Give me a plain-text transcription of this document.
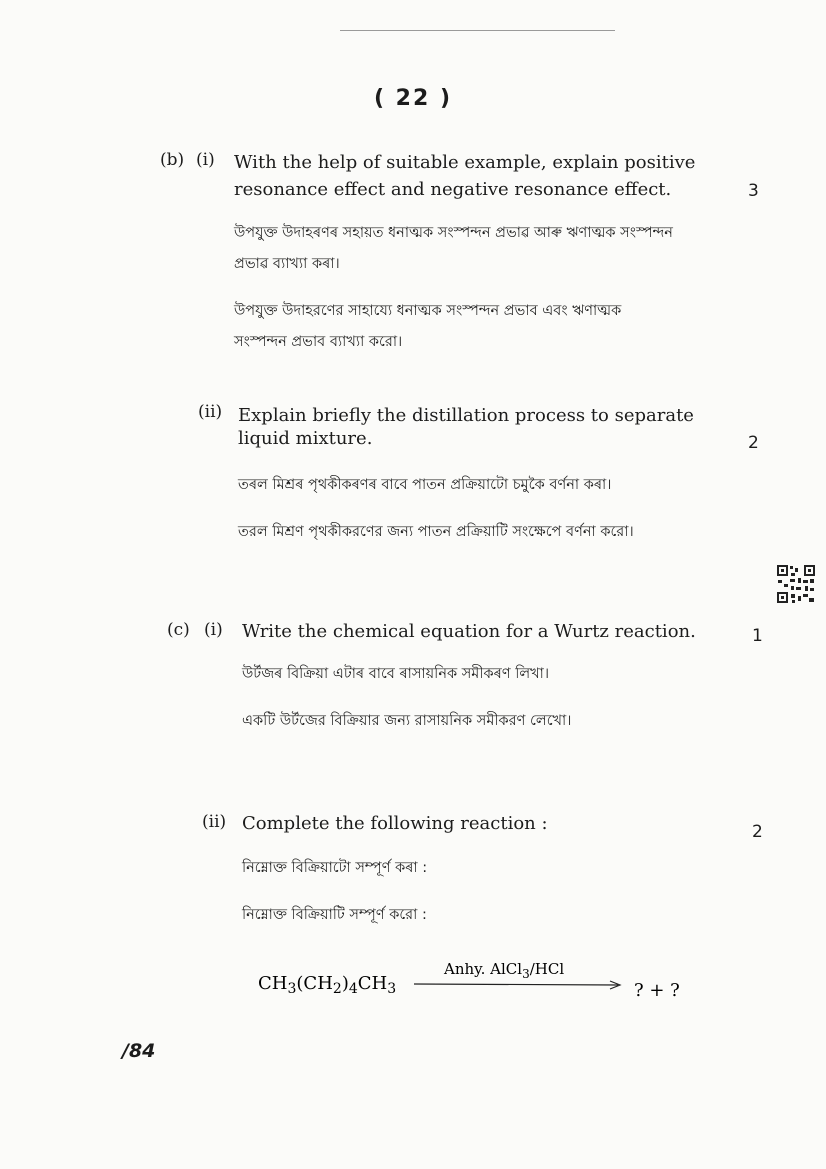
( 22 )
(b) (i) With the help of suitable example, explain positive
resonance effect and negative resonance effect.	3
উপযুক্ত উদাহৰণৰ সহায়ত ধনাত্মক সংস্পন্দন প্ৰভাৱ আৰু ঋণাত্মক সংস্পন্দন
প্ৰভাৱ ব্যাখ্যা কৰা।
উপযুক্ত উদাহরণের সাহায্যে ধনাত্মক সংস্পন্দন প্রভাব এবং ঋণাত্মক
সংস্পন্দন প্রভাব ব্যাখ্যা করো।
(ii) Explain briefly the distillation process to separate
liquid mixture.	2
তৰল মিশ্ৰৰ পৃথকীকৰণৰ বাবে পাতন প্ৰক্ৰিয়াটো চমুকৈ বৰ্ণনা কৰা।
তরল মিশ্রণ পৃথকীকরণের জন্য পাতন প্রক্রিয়াটি সংক্ষেপে বর্ণনা করো।
(c) (i) Write the chemical equation for a Wurtz reaction.	1
উর্টজৰ বিক্ৰিয়া এটাৰ বাবে ৰাসায়নিক সমীকৰণ লিখা।
একটি উর্টজের বিক্রিয়ার জন্য রাসায়নিক সমীকরণ লেখো।
(ii) Complete the following reaction :	2
নিম্নোক্ত বিক্ৰিয়াটো সম্পূৰ্ণ কৰা :
নিম্নোক্ত বিক্রিয়াটি সম্পূর্ণ করো :
$CH_3(CH_2)_4CH_3$
Anhy. AlCl$_3$/HCl
? + ?
/84
